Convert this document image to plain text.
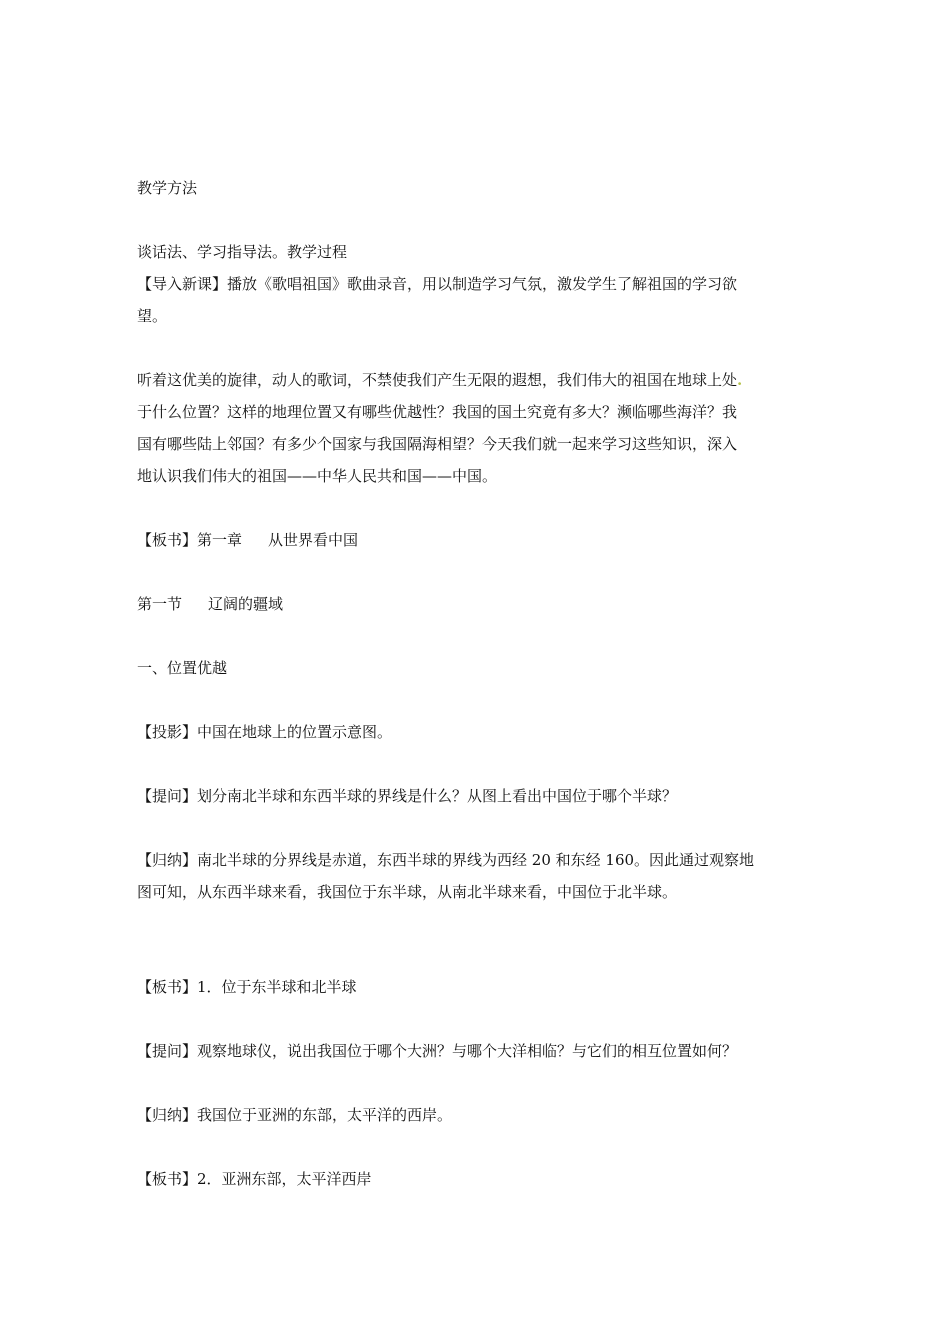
教学方法

谈话法、学习指导法。教学过程

【导入新课】播放《歌唱祖国》歌曲录音，用以制造学习气氛，激发学生了解祖国的学习欲

望。

听着这优美的旋律，动人的歌词，不禁使我们产生无限的遐想，我们伟大的祖国在地球上处.

于什么位置？这样的地理位置又有哪些优越性？我国的国土究竟有多大？濒临哪些海洋？我

国有哪些陆上邻国？有多少个国家与我国隔海相望？今天我们就一起来学习这些知识，深入

地认识我们伟大的祖国——中华人民共和国——中国。

【板书】第一章 从世界看中国

第一节 辽阔的疆域

一、位置优越

【投影】中国在地球上的位置示意图。

【提问】划分南北半球和东西半球的界线是什么？从图上看出中国位于哪个半球？

【归纳】南北半球的分界线是赤道，东西半球的界线为西经 20 和东经 160。因此通过观察地

图可知，从东西半球来看，我国位于东半球，从南北半球来看，中国位于北半球。

【板书】1．位于东半球和北半球

【提问】观察地球仪，说出我国位于哪个大洲？与哪个大洋相临？与它们的相互位置如何？

【归纳】我国位于亚洲的东部，太平洋的西岸。

【板书】2．亚洲东部，太平洋西岸
